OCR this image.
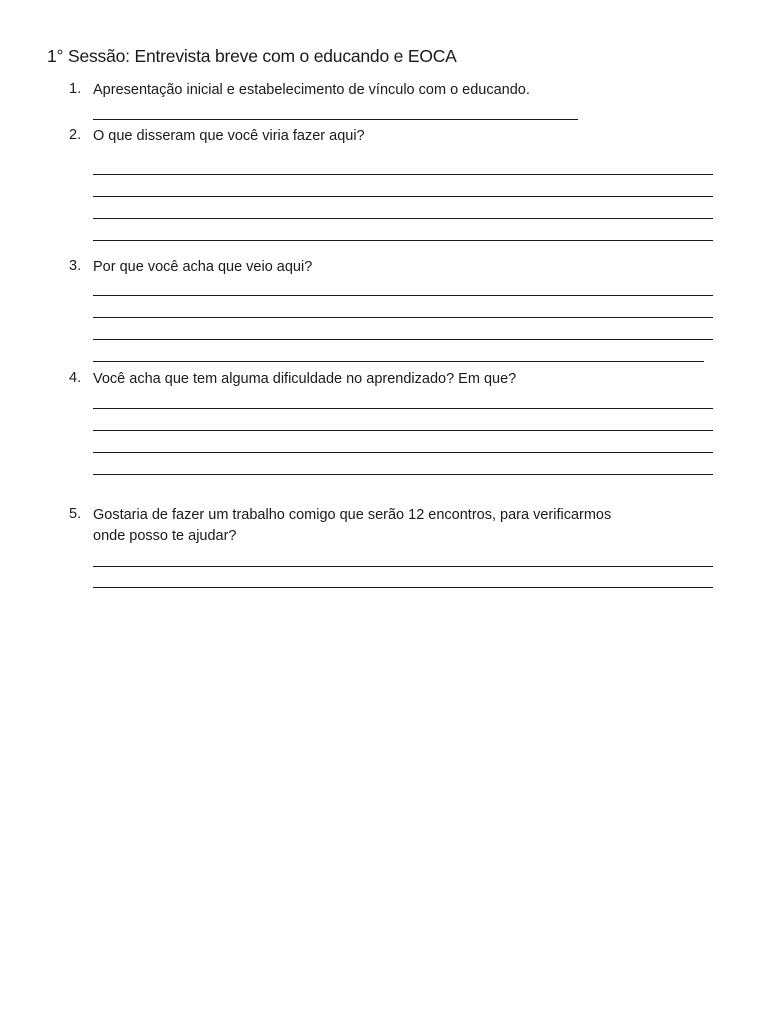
1° Sessão: Entrevista breve com o educando e EOCA
1. Apresentação inicial e estabelecimento de vínculo com o educando.
2. O que disseram que você viria fazer aqui?
3. Por que você acha que veio aqui?
4. Você acha que tem alguma dificuldade no aprendizado? Em que?
5. Gostaria de fazer um trabalho comigo que serão 12 encontros, para verificarmos
onde posso te ajudar?
